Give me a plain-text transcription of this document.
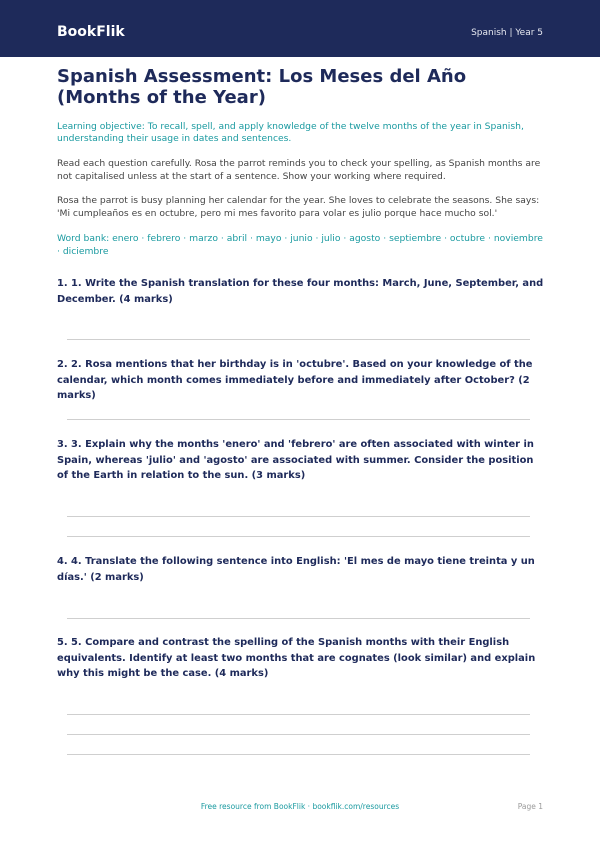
BookFlik	Spanish | Year 5
Spanish Assessment: Los Meses del Año (Months of the Year)

Learning objective: To recall, spell, and apply knowledge of the twelve months of the year in Spanish, understanding their usage in dates and sentences.

Read each question carefully. Rosa the parrot reminds you to check your spelling, as Spanish months are not capitalised unless at the start of a sentence. Show your working where required.

Rosa the parrot is busy planning her calendar for the year. She loves to celebrate the seasons. She says: 'Mi cumpleaños es en octubre, pero mi mes favorito para volar es julio porque hace mucho sol.'

Word bank: enero · febrero · marzo · abril · mayo · junio · julio · agosto · septiembre · octubre · noviembre · diciembre

1. 1. Write the Spanish translation for these four months: March, June, September, and December. (4 marks)

2. 2. Rosa mentions that her birthday is in 'octubre'. Based on your knowledge of the calendar, which month comes immediately before and immediately after October? (2 marks)

3. 3. Explain why the months 'enero' and 'febrero' are often associated with winter in Spain, whereas 'julio' and 'agosto' are associated with summer. Consider the position of the Earth in relation to the sun. (3 marks)

4. 4. Translate the following sentence into English: 'El mes de mayo tiene treinta y un días.' (2 marks)

5. 5. Compare and contrast the spelling of the Spanish months with their English equivalents. Identify at least two months that are cognates (look similar) and explain why this might be the case. (4 marks)

Free resource from BookFlik · bookflik.com/resources	Page 1
